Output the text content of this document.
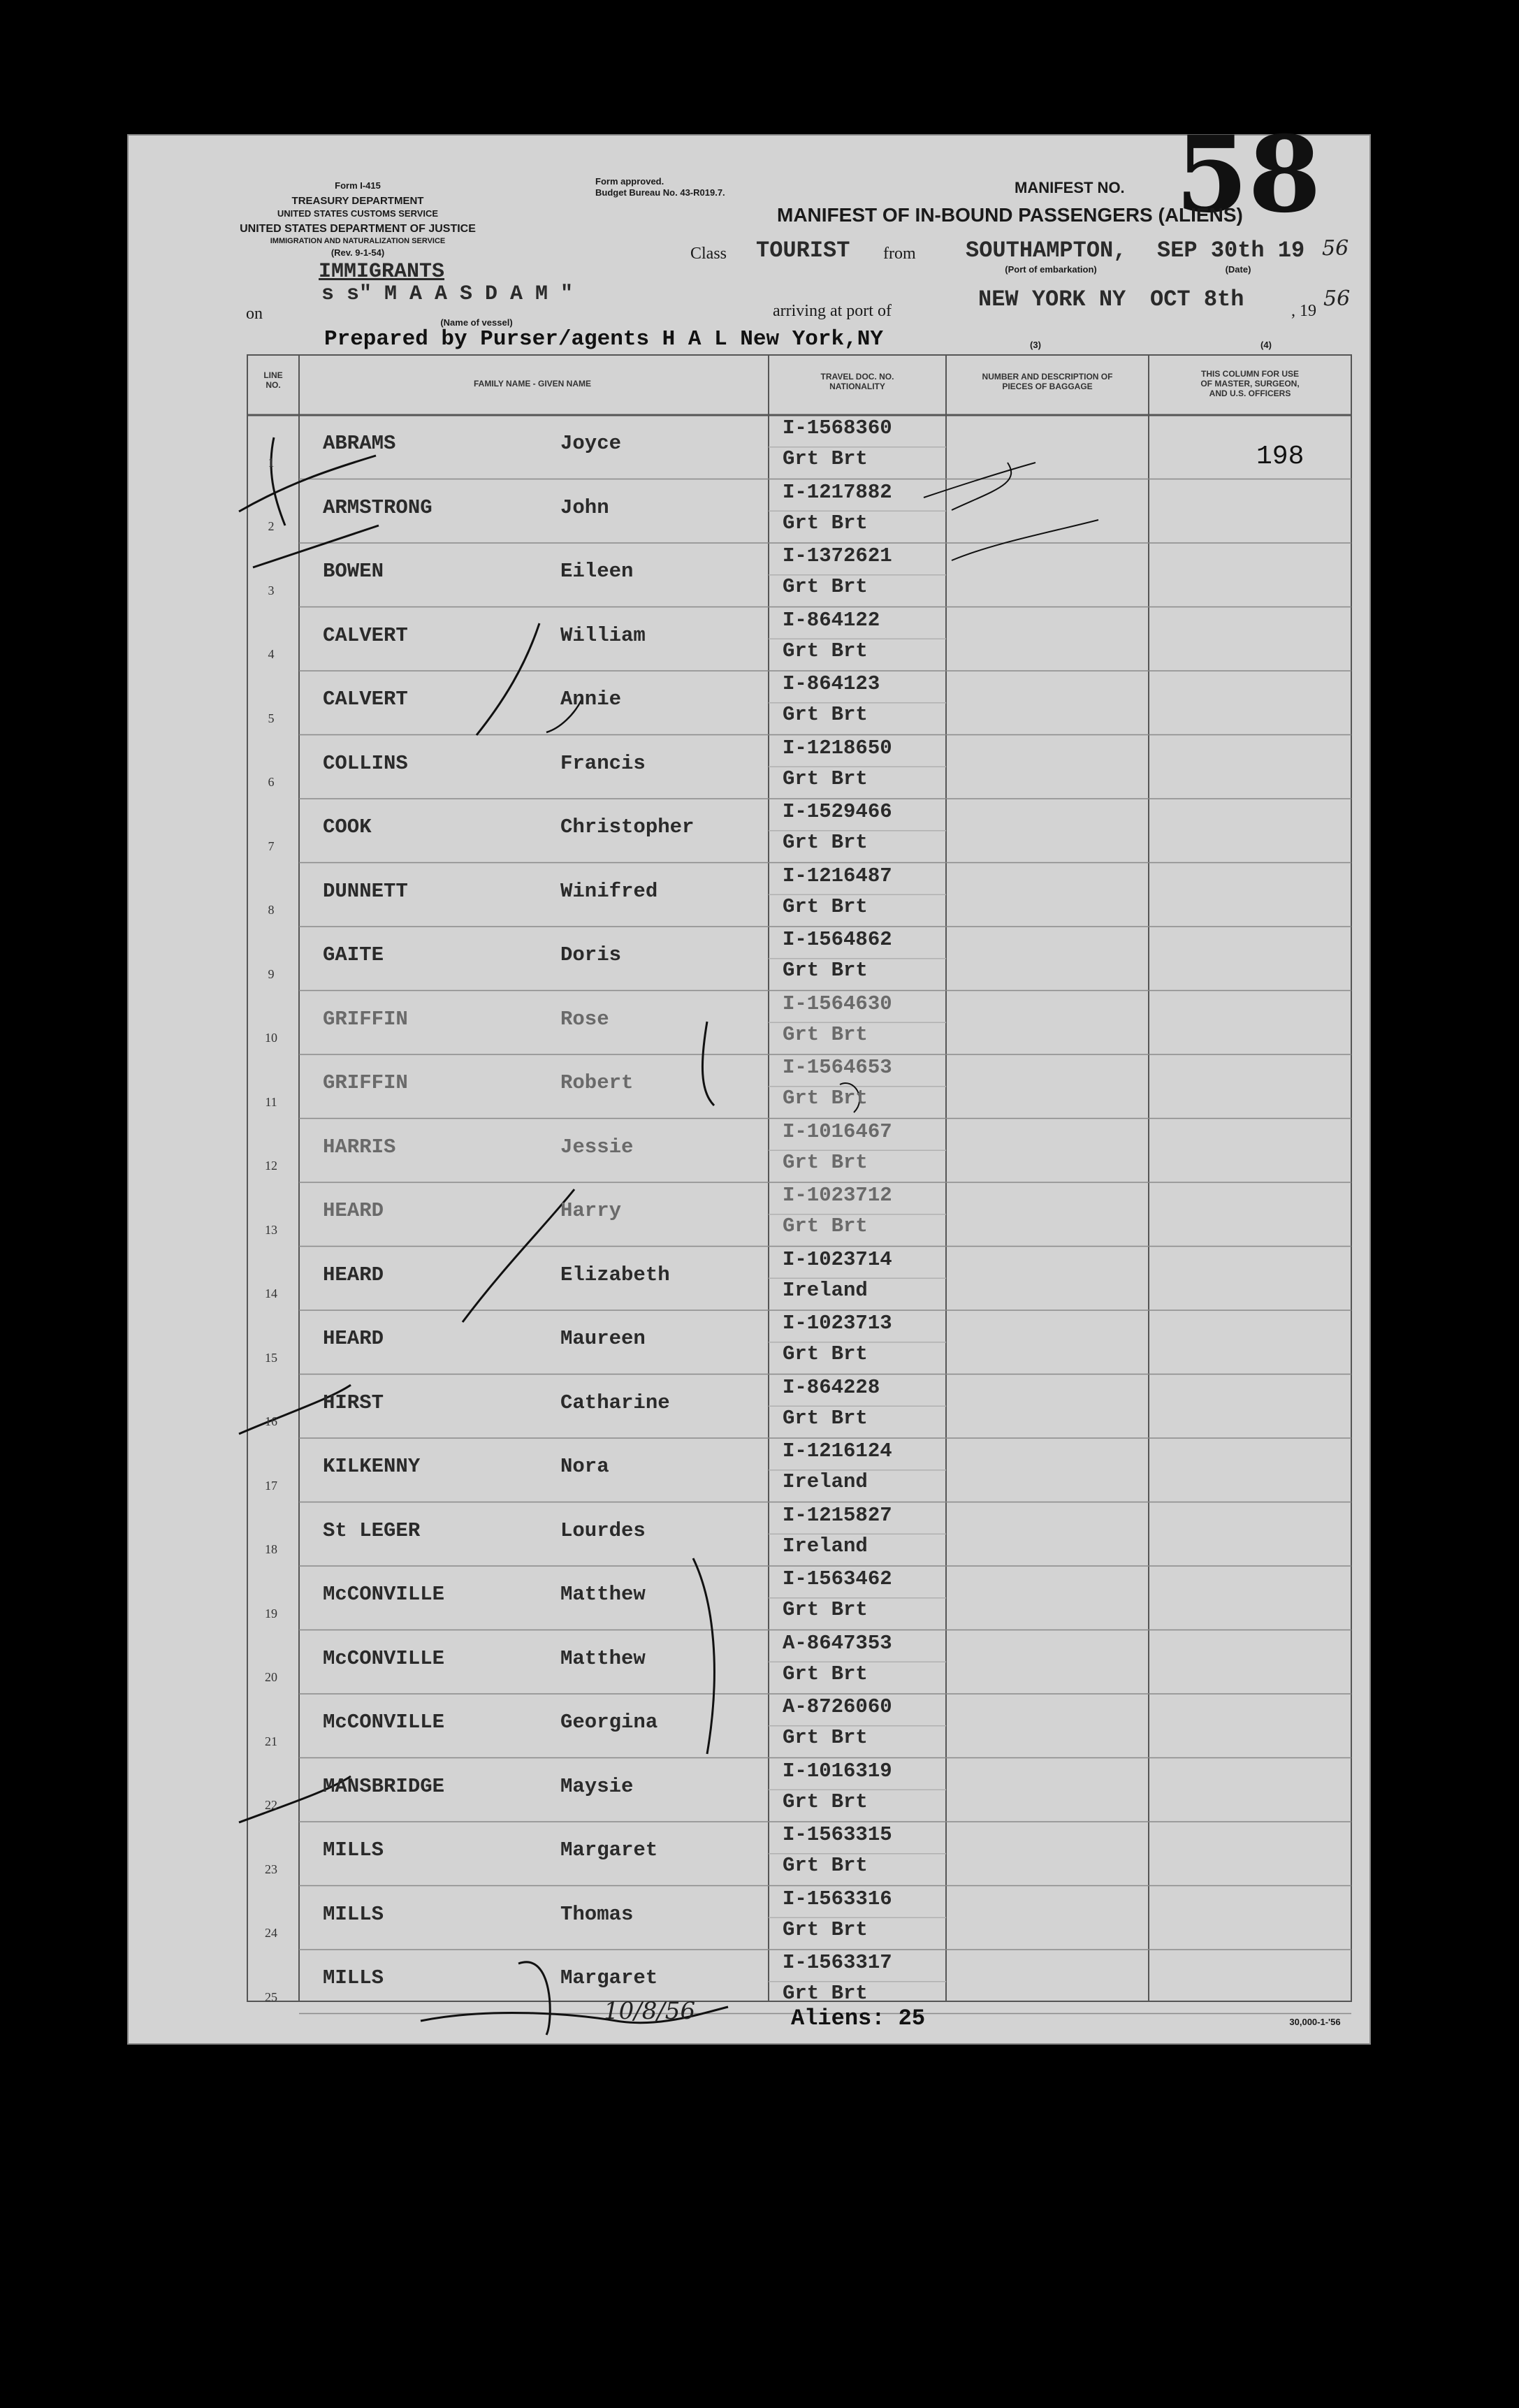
Form I-415
TREASURY DEPARTMENT
UNITED STATES CUSTOMS SERVICE
UNITED STATES DEPARTMENT OF JUSTICE
IMMIGRATION AND NATURALIZATION SERVICE
(Rev. 9-1-54)
Form approved.
Budget Bureau No. 43-R019.7.	MANIFEST NO. 58
MANIFEST OF IN-BOUND PASSENGERS (ALIENS)
Class TOURIST from SOUTHAMPTON,
(Port of embarkation)
SEP 30th 19 56
(Date)
IMMIGRANTS
on
s s" M A A S D A M "
arriving at port of	NEW YORK NY OCT 8th	, 19 56
Prepared by Purser/agents H A L New York,NY
(Name of vessel)
(3)	(4)
LINE
NO.	FAMILY NAME - GIVEN NAME
TRAVEL DOC. NO.
NATIONALITY
NUMBER AND DESCRIPTION OF
PIECES OF BAGGAGE
THIS COLUMN FOR USE
OF MASTER, SURGEON,
AND U.S. OFFICERS
1
ABRAMS	Joyce
I-1568360
Grt Brt
2
ARMSTRONG	John
I-1217882
Grt Brt
3
BOWEN	Eileen
I-1372621
Grt Brt
4
CALVERT	William
I-864122
Grt Brt
5
CALVERT	Annie
I-864123
Grt Brt
6
COLLINS	Francis
I-1218650
Grt Brt
7
COOK	Christopher
I-1529466
Grt Brt
8
DUNNETT	Winifred
I-1216487
Grt Brt
9
GAITE	Doris
I-1564862
Grt Brt
10
GRIFFIN	Rose
I-1564630
Grt Brt
11
GRIFFIN	Robert
I-1564653
Grt Brt
12
HARRIS	Jessie
I-1016467
Grt Brt
13
HEARD	Harry
I-1023712
Grt Brt
14
HEARD	Elizabeth
I-1023714
Ireland
15
HEARD	Maureen
I-1023713
Grt Brt
16
HIRST	Catharine
I-864228
Grt Brt
17
KILKENNY	Nora
I-1216124
Ireland
18
St LEGER	Lourdes
I-1215827
Ireland
19
McCONVILLE	Matthew
I-1563462
Grt Brt
20
McCONVILLE	Matthew
A-8647353
Grt Brt
21
McCONVILLE	Georgina
A-8726060
Grt Brt
22
MANSBRIDGE	Maysie
I-1016319
Grt Brt
23
MILLS	Margaret
I-1563315
Grt Brt
24
MILLS	Thomas
I-1563316
Grt Brt
25
MILLS	Margaret
I-1563317
Grt Brt
198
10/8/56	Aliens: 25	30,000-1-'56
